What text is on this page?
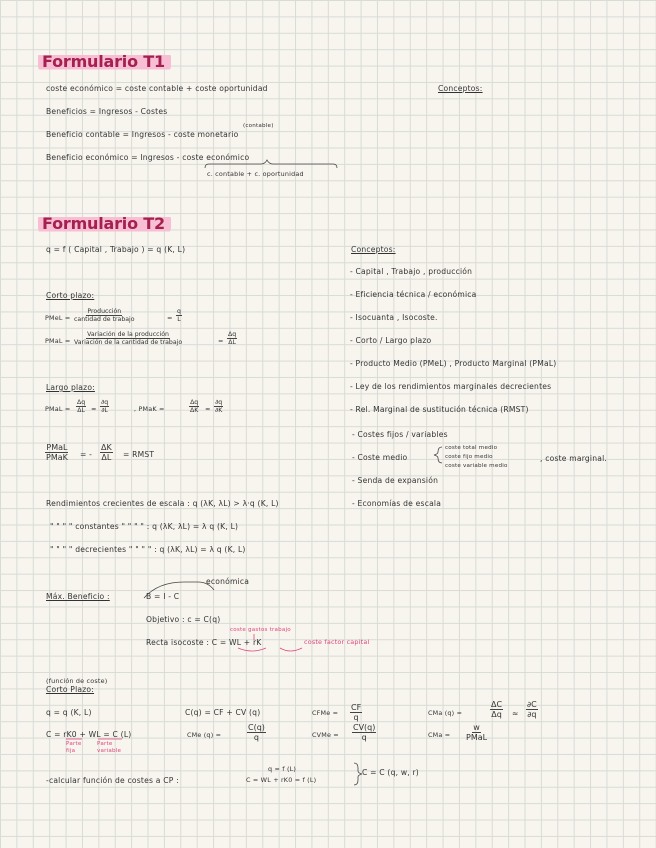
Formulario T1
Conceptos:
coste económico = coste contable + coste oportunidad
Beneficios = Ingresos - Costes
(contable)
Beneficio contable = Ingresos - coste monetario
Beneficio económico = Ingresos - coste económico
c. contable + c. oportunidad
Formulario T2
q = f ( Capital , Trabajo ) = q (K, L)	Conceptos:
- Capital , Trabajo , producción
- Eficiencia técnica / económica
- Isocuanta , Isocoste.
- Corto / Largo plazo
- Producto Medio (PMeL) , Producto Marginal (PMaL)
- Ley de los rendimientos marginales decrecientes
- Rel. Marginal de sustitución técnica (RMST)
- Costes fijos / variables
- Coste medio
coste total medio
coste fijo medio
coste variable medio
, coste marginal.
- Senda de expansión
- Economías de escala
Corto plazo:
PMeL =
Producción
cantidad de trabajo	= $\frac{q}{L}$
PMaL =
Variación de la producción
Variación de la cantidad de trabajo	= $\frac{\Delta q}{\Delta L}$
Largo plazo:
PMaL = $\frac{\Delta q}{\Delta L} \approx \frac{\partial q}{\partial L}$	, PMaK =	$\frac{\Delta q}{\Delta K} \approx \frac{\partial q}{\partial K}$
PMaL
PMaK = - $\frac{\Delta K}{\Delta L}$ = RMST
Rendimientos crecientes de escala : q (λK, λL) > λ·q (K, L)
" " " " constantes " " " " : q (λK, λL) = λ q (K, L)
" " " " decrecientes " " " " : q (λK, λL) = λ q (K, L)
económica
Máx. Beneficio :	B = I - C
Objetivo : c = C(q)
coste gastos trabajo
Recta isocoste : C = WL + rK	coste factor capital
(función de coste)
Corto Plazo:
q = q (K, L)	C(q) = CF + CV (q)	CFMe = $\frac{CF}{q}$	CMa (q) =	$\frac{\Delta C}{\Delta q} \approx \frac{\partial C}{\partial q}$
C = rK0 + WL = C (L)
Parte fija
Parte variable
CMe (q) =	$\frac{C(q)}{q}$	CVMe = $\frac{CV(q)}{q}$	CMa =
w
PMaL
-calcular función de costes a CP :
q = f (L)
C = WL + rK0 = f (L)
C = C (q, w, r)
